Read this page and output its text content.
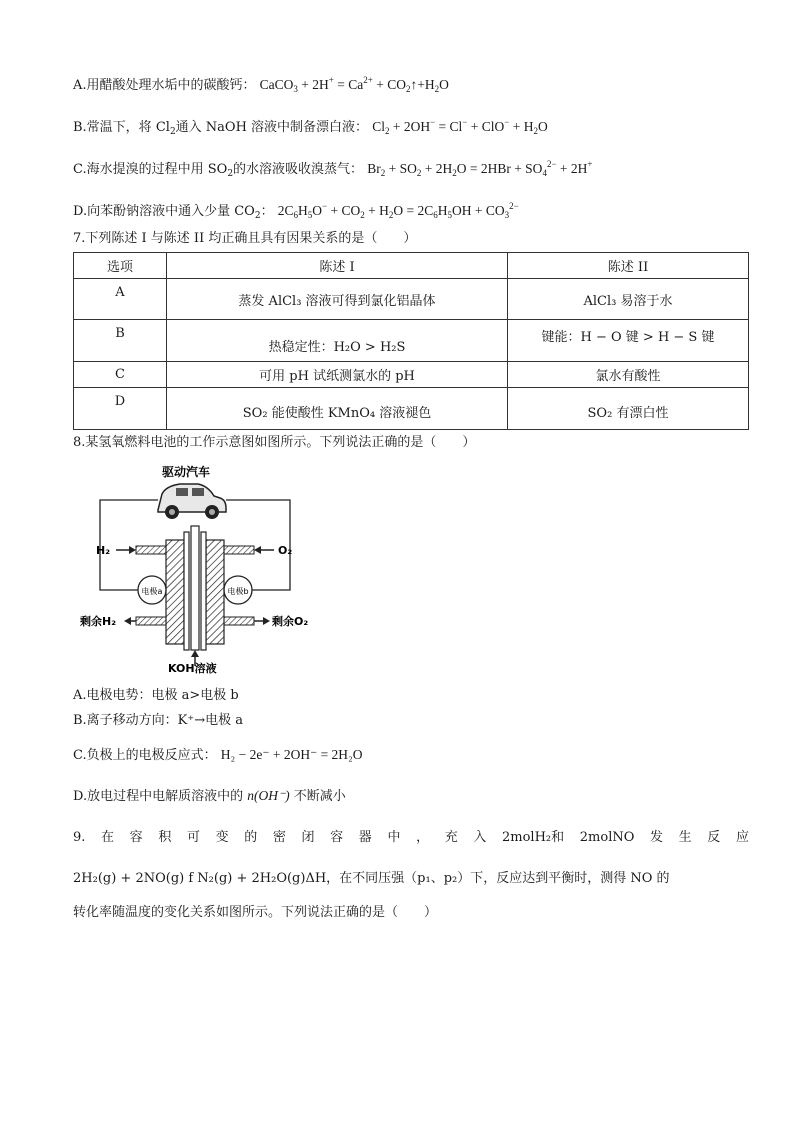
A.用醋酸处理水垢中的碳酸钙： CaCO$_3$ + $2H^+ = Ca^{2+}$ + $CO_2↑+H_2O$
B.常温下，将 $Cl_2$通入 NaOH 溶液中制备漂白液： $Cl_2 + 2OH^- = Cl^- + ClO^- + H_2O$
C.海水提溴的过程中用 $SO_2$的水溶液吸收溴蒸气： $Br_2 + SO_2 + 2H_2O = 2HBr + SO_4^{2-} + 2H^+$
D.向苯酚钠溶液中通入少量 $CO_2$： $2C_6H_5O^- + CO_2 + H_2O = 2C_6H_5OH + CO_3^{2-}$
7.下列陈述 I 与陈述 II 均正确且具有因果关系的是（　　）
选项	陈述 I	陈述 II
A	蒸发 AlCl₃ 溶液可得到氯化铝晶体	AlCl₃ 易溶于水
B	热稳定性：H₂O > H₂S	键能：H − O 键 > H − S 键
C	可用 pH 试纸测氯水的 pH	氯水有酸性
D	SO₂ 能使酸性 KMnO₄ 溶液褪色	SO₂ 有漂白性
8.某氢氧燃料电池的工作示意图如图所示。下列说法正确的是（　　）
驱动汽车
电极a	电极b
H₂	O₂
剩余H₂	剩余O₂
KOH溶液
A.电极电势：电极 a>电极 b
B.离子移动方向：K⁺→电极 a
C.负极上的电极反应式： H₂ − 2e⁻ + 2OH⁻ = 2H₂O
D.放电过程中电解质溶液中的 n(OH⁻) 不断减小
9. 在 容 积 可 变 的 密 闭 容 器 中 ， 充 入 2molH₂和 2molNO 发 生 反 应
2H₂(g) + 2NO(g) f N₂(g) + 2H₂O(g)ΔH，在不同压强（p₁、p₂）下，反应达到平衡时，测得 NO 的
转化率随温度的变化关系如图所示。下列说法正确的是（　　）
